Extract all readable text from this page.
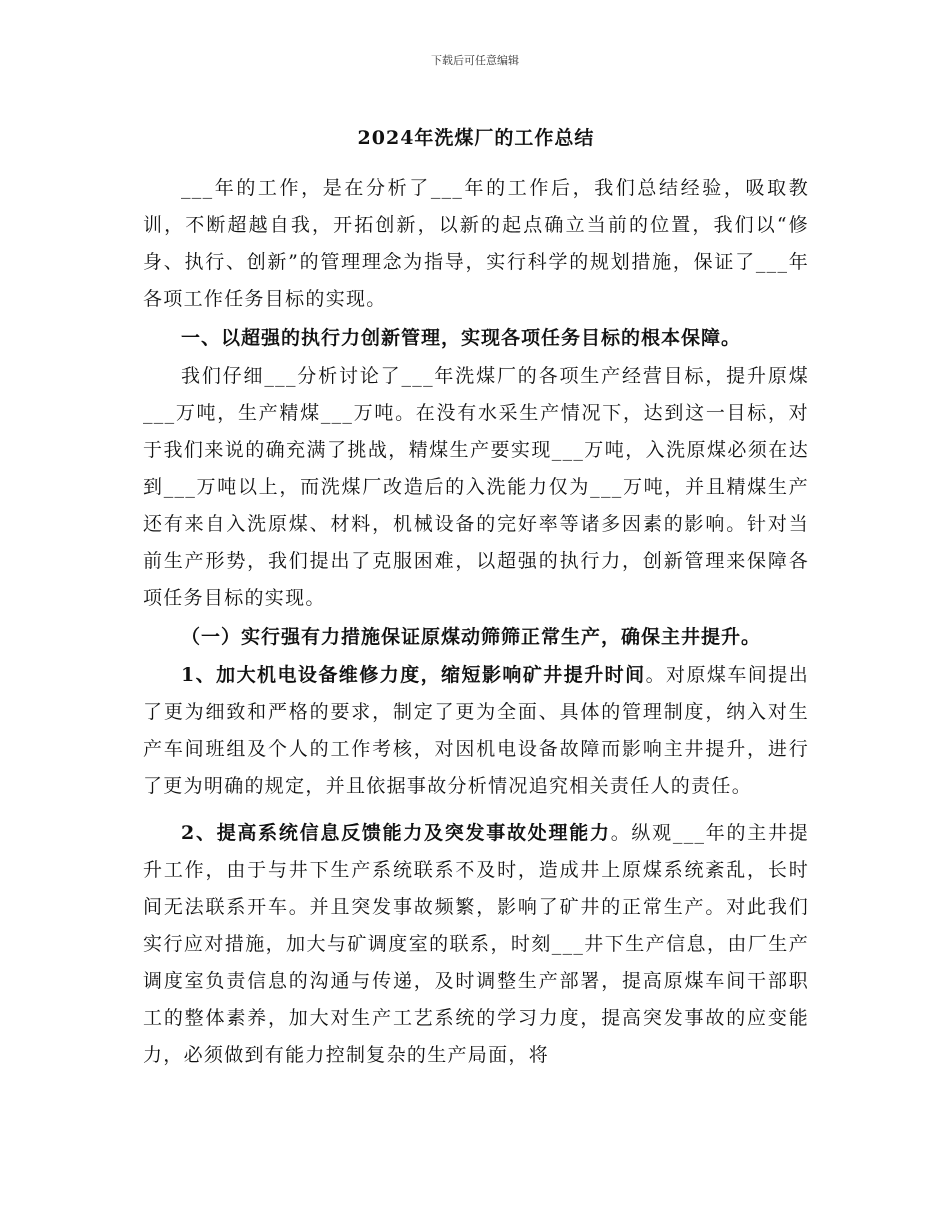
下载后可任意编辑
2024年洗煤厂的工作总结

___年的工作，是在分析了___年的工作后，我们总结经验，吸取教训，不断超越自我，开拓创新，以新的起点确立当前的位置，我们以“修身、执行、创新”的管理理念为指导，实行科学的规划措施，保证了___年各项工作任务目标的实现。

一、以超强的执行力创新管理，实现各项任务目标的根本保障。

我们仔细___分析讨论了___年洗煤厂的各项生产经营目标，提升原煤___万吨，生产精煤___万吨。在没有水采生产情况下，达到这一目标，对于我们来说的确充满了挑战，精煤生产要实现___万吨，入洗原煤必须在达到___万吨以上，而洗煤厂改造后的入洗能力仅为___万吨，并且精煤生产还有来自入洗原煤、材料，机械设备的完好率等诸多因素的影响。针对当前生产形势，我们提出了克服困难，以超强的执行力，创新管理来保障各项任务目标的实现。

（一）实行强有力措施保证原煤动筛筛正常生产，确保主井提升。

1、加大机电设备维修力度，缩短影响矿井提升时间。对原煤车间提出了更为细致和严格的要求，制定了更为全面、具体的管理制度，纳入对生产车间班组及个人的工作考核，对因机电设备故障而影响主井提升，进行了更为明确的规定，并且依据事故分析情况追究相关责任人的责任。

2、提高系统信息反馈能力及突发事故处理能力。纵观___年的主井提升工作，由于与井下生产系统联系不及时，造成井上原煤系统紊乱，长时间无法联系开车。并且突发事故频繁，影响了矿井的正常生产。对此我们实行应对措施，加大与矿调度室的联系，时刻___井下生产信息，由厂生产调度室负责信息的沟通与传递，及时调整生产部署，提高原煤车间干部职工的整体素养，加大对生产工艺系统的学习力度，提高突发事故的应变能力，必须做到有能力控制复杂的生产局面，将
